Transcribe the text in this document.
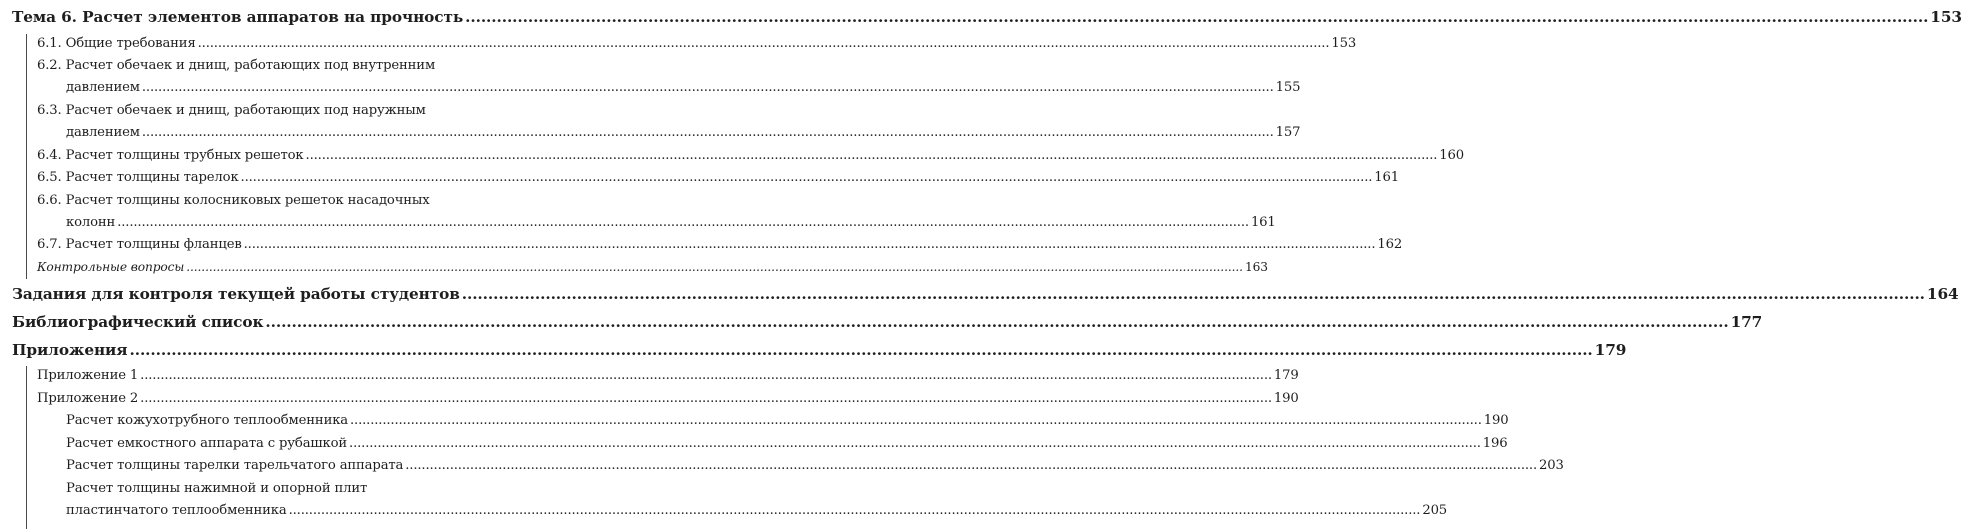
Тема 6. Расчет элементов аппаратов на прочность .....	153
6.1. Общие требования .....	153
6.2. Расчет обечаек и днищ, работающих под внутренним
давлением .....	155
6.3. Расчет обечаек и днищ, работающих под наружным
давлением .....	157
6.4. Расчет толщины трубных решеток .....	160
6.5. Расчет толщины тарелок .....	161
6.6. Расчет толщины колосниковых решеток насадочных
колонн .....	161
6.7. Расчет толщины фланцев .....	162
Контрольные вопросы .....	163
Задания для контроля текущей работы студентов .....	164
Библиографический список .....	177
Приложения .....	179
Приложение 1 .....	179
Приложение 2 .....	190
Расчет кожухотрубного теплообменника .....	190
Расчет емкостного аппарата с рубашкой .....	196
Расчет толщины тарелки тарельчатого аппарата .....	203
Расчет толщины нажимной и опорной плит
пластинчатого теплообменника .....	205
